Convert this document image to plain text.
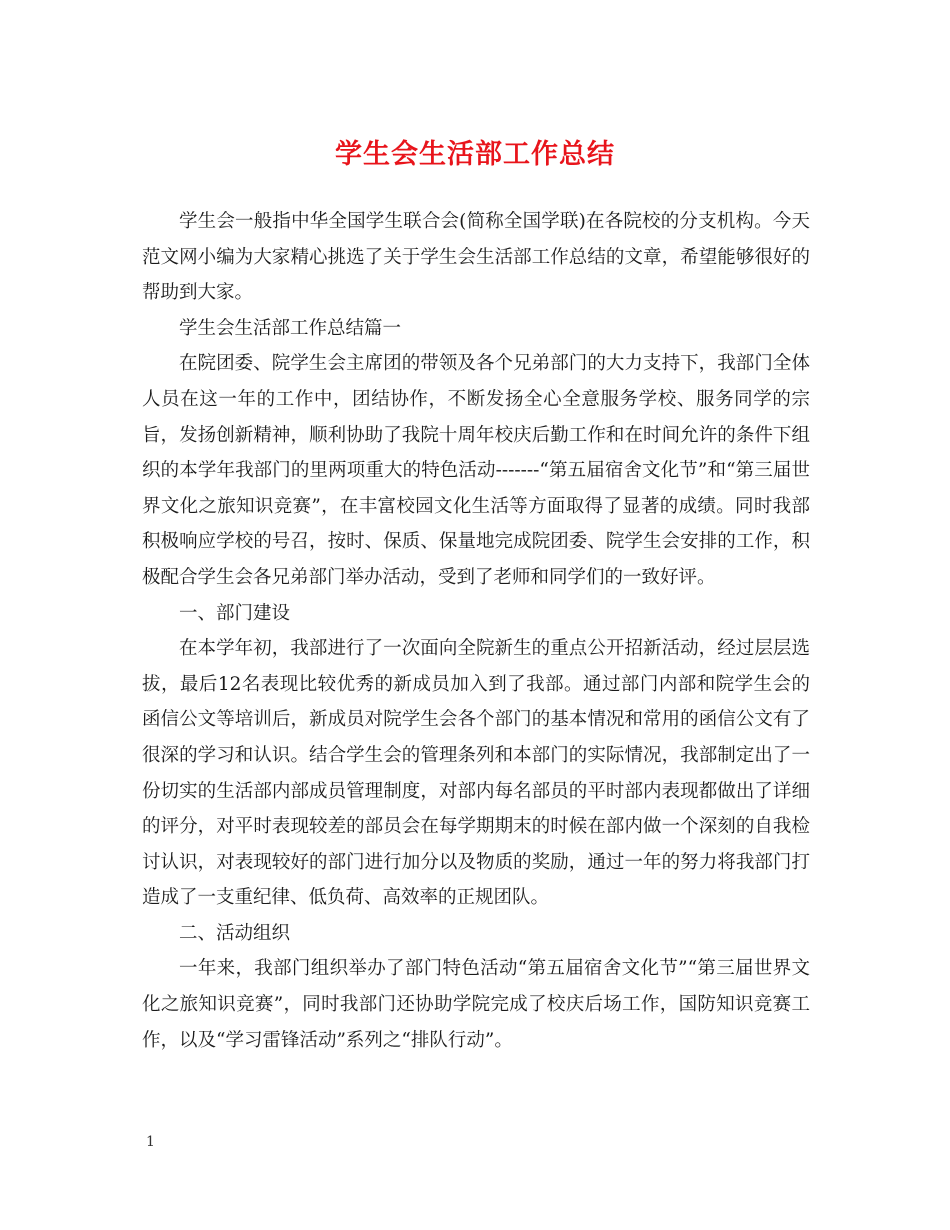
学生会生活部工作总结

学生会一般指中华全国学生联合会(简称全国学联)在各院校的分支机构。今天范文网小编为大家精心挑选了关于学生会生活部工作总结的文章，希望能够很好的帮助到大家。

学生会生活部工作总结篇一

在院团委、院学生会主席团的带领及各个兄弟部门的大力支持下，我部门全体人员在这一年的工作中，团结协作，不断发扬全心全意服务学校、服务同学的宗旨，发扬创新精神，顺利协助了我院十周年校庆后勤工作和在时间允许的条件下组织的本学年我部门的里两项重大的特色活动-------“第五届宿舍文化节”和“第三届世界文化之旅知识竞赛”，在丰富校园文化生活等方面取得了显著的成绩。同时我部积极响应学校的号召，按时、保质、保量地完成院团委、院学生会安排的工作，积极配合学生会各兄弟部门举办活动，受到了老师和同学们的一致好评。

一、部门建设

在本学年初，我部进行了一次面向全院新生的重点公开招新活动，经过层层选拔，最后12名表现比较优秀的新成员加入到了我部。通过部门内部和院学生会的函信公文等培训后，新成员对院学生会各个部门的基本情况和常用的函信公文有了很深的学习和认识。结合学生会的管理条列和本部门的实际情况，我部制定出了一份切实的生活部内部成员管理制度，对部内每名部员的平时部内表现都做出了详细的评分，对平时表现较差的部员会在每学期期末的时候在部内做一个深刻的自我检讨认识，对表现较好的部门进行加分以及物质的奖励，通过一年的努力将我部门打造成了一支重纪律、低负荷、高效率的正规团队。

二、活动组织

一年来，我部门组织举办了部门特色活动“第五届宿舍文化节”“第三届世界文化之旅知识竞赛”，同时我部门还协助学院完成了校庆后场工作，国防知识竞赛工作，以及“学习雷锋活动”系列之“排队行动”。

1
